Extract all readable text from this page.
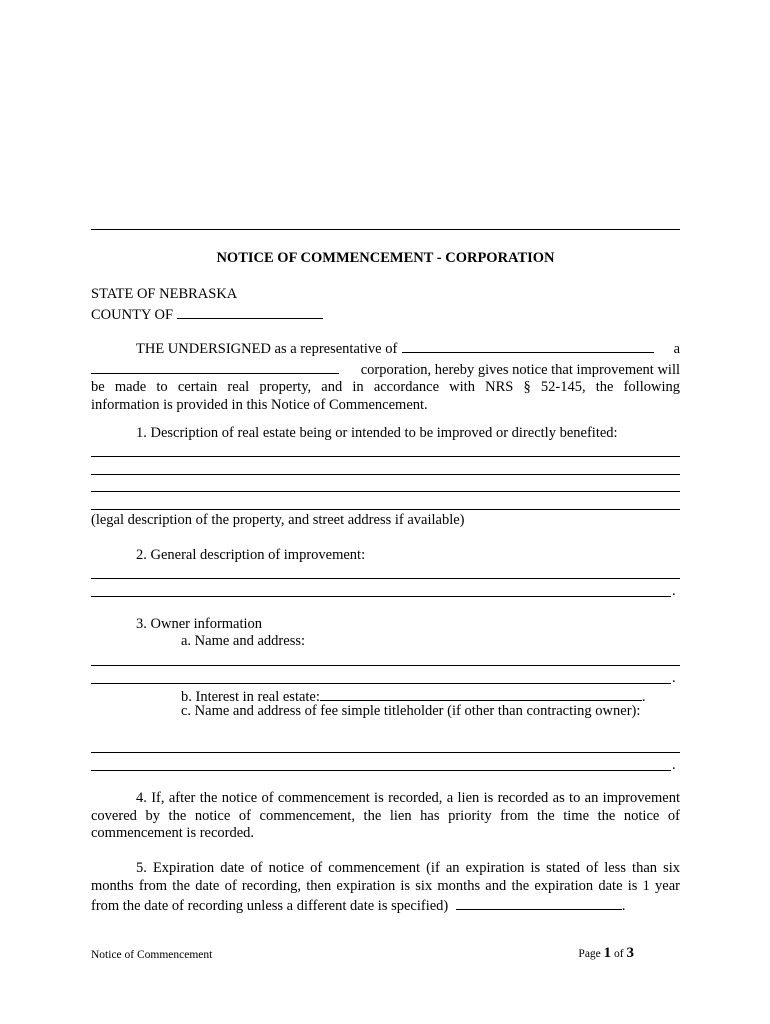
NOTICE OF COMMENCEMENT - CORPORATION
STATE OF NEBRASKA
COUNTY OF
THE UNDERSIGNED as a representative of	a
corporation, hereby gives notice that improvement will
be made to certain real property, and in accordance with NRS § 52-145, the following
information is provided in this Notice of Commencement.
1. Description of real estate being or intended to be improved or directly benefited:
(legal description of the property, and street address if available)
2. General description of improvement:
.
3. Owner information
a. Name and address:
.
b. Interest in real estate:	.
c. Name and address of fee simple titleholder (if other than contracting owner):
.
4. If, after the notice of commencement is recorded, a lien is recorded as to an improvement covered by the notice of commencement, the lien has priority from the time the notice of commencement is recorded.
5. Expiration date of notice of commencement (if an expiration is stated of less than six
months from the date of recording, then expiration is six months and the expiration date is 1 year
from the date of recording unless a different date is specified)	.
Notice of Commencement	Page 1 of 3
